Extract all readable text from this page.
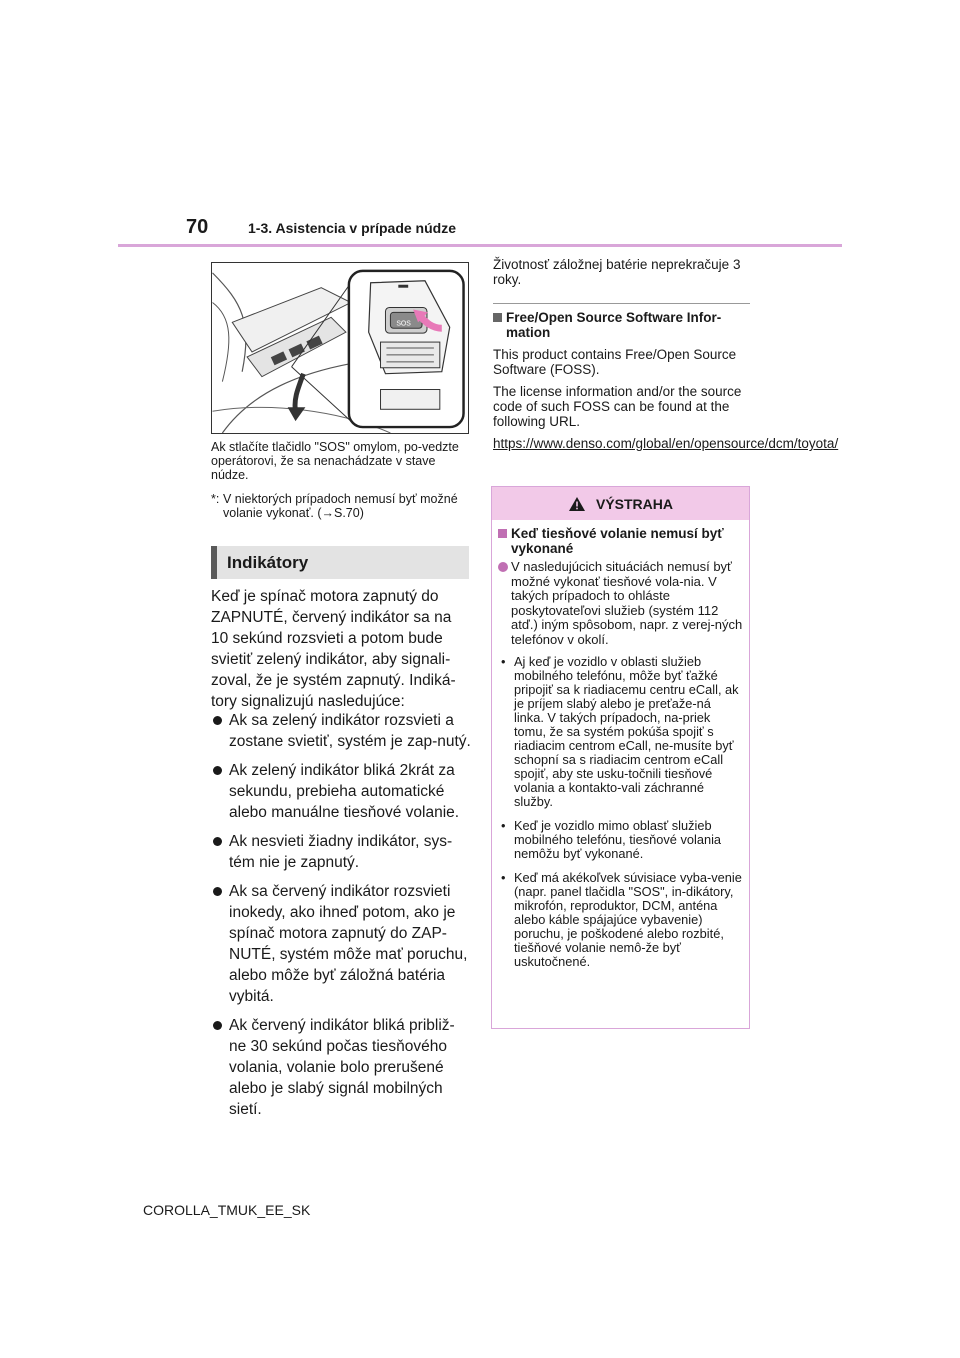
70	1-3. Asistencia v prípade núdze
SOS
Ak stlačíte tlačidlo "SOS" omylom, po-vedzte operátorovi, že sa nenachádzate v stave núdze.
*: V niektorých prípadoch nemusí byť možné volanie vykonať. (→S.70)
Indikátory
Keď je spínač motora zapnutý do ZAPNUTÉ, červený indikátor sa na 10 sekúnd rozsvieti a potom bude svietiť zelený indikátor, aby signali-zoval, že je systém zapnutý. Indiká-tory signalizujú nasledujúce:
Ak sa zelený indikátor rozsvieti a zostane svietiť, systém je zap-nutý.
Ak zelený indikátor bliká 2krát za sekundu, prebieha automatické alebo manuálne tiesňové volanie.
Ak nesvieti žiadny indikátor, sys-tém nie je zapnutý.
Ak sa červený indikátor rozsvieti inokedy, ako ihneď potom, ako je spínač motora zapnutý do ZAP-NUTÉ, systém môže mať poruchu, alebo môže byť záložná batéria vybitá.
Ak červený indikátor bliká približ-ne 30 sekúnd počas tiesňového volania, volanie bolo prerušené alebo je slabý signál mobilných sietí.
Životnosť záložnej batérie neprekračuje 3 roky.
Free/Open Source Software Infor-mation
This product contains Free/Open Source Software (FOSS).
The license information and/or the source code of such FOSS can be found at the following URL.
https://www.denso.com/global/en/opensource/dcm/toyota/
VÝSTRAHA
Keď tiesňové volanie nemusí byť vykonané
V nasledujúcich situáciách nemusí byť možné vykonať tiesňové vola-nia. V takých prípadoch to ohláste poskytovateľovi služieb (systém 112 atď.) iným spôsobom, napr. z verej-ných telefónov v okolí.
• Aj keď je vozidlo v oblasti služieb mobilného telefónu, môže byť ťažké pripojiť sa k riadiacemu centru eCall, ak je príjem slabý alebo je preťaže-ná linka. V takých prípadoch, na-priek tomu, že sa systém pokúša spojiť s riadiacim centrom eCall, ne-musíte byť schopní sa s riadiacim centrom eCall spojiť, aby ste usku-točnili tiesňové volania a kontakto-vali záchranné služby.
• Keď je vozidlo mimo oblasť služieb mobilného telefónu, tiesňové volania nemôžu byť vykonané.
• Keď má akékoľvek súvisiace vyba-venie (napr. panel tlačidla "SOS", in-dikátory, mikrofón, reproduktor, DCM, anténa alebo káble spájajúce vybavenie) poruchu, je poškodené alebo rozbité, tiešňové volanie nemô-že byť uskutočnené.
COROLLA_TMUK_EE_SK
